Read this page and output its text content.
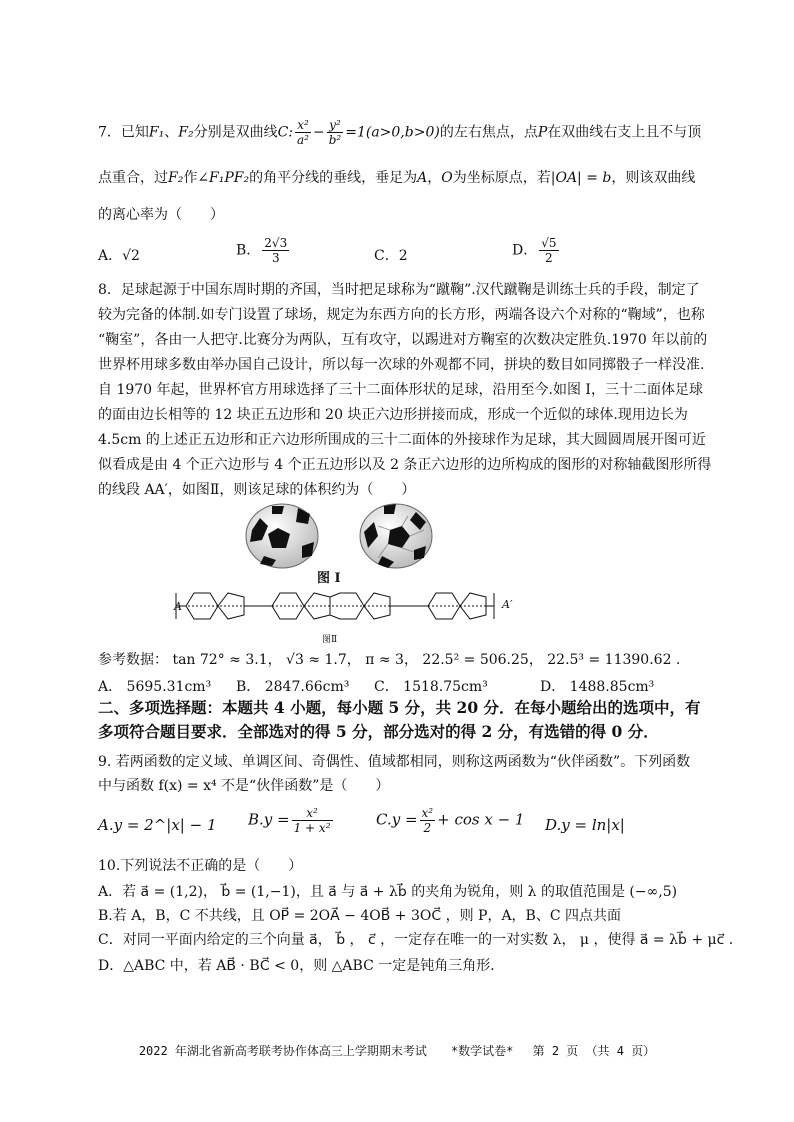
7．已知F₁、F₂分别是双曲线C: $\frac{\text{x²}}{\text{a²}} - \frac{\text{y²}}{\text{b²}} =1(a>0,b>0)$的左右焦点，点P在双曲线右支上且不与顶
点重合，过F₂作∠F₁PF₂的角平分线的垂线，垂足为A，O为坐标原点，若|OA| = b，则该双曲线
的离心率为（　　）
A．√2	B． $\frac{2√3}{3}$	C．2	D． $\frac{√5}{2}$
8．足球起源于中国东周时期的齐国，当时把足球称为“蹴鞠”.汉代蹴鞠是训练士兵的手段，制定了
较为完备的体制.如专门设置了球场，规定为东西方向的长方形，两端各设六个对称的“鞠域”，也称
“鞠室”，各由一人把守.比赛分为两队，互有攻守，以踢进对方鞠室的次数决定胜负.1970 年以前的
世界杯用球多数由举办国自己设计，所以每一次球的外观都不同，拼块的数目如同掷骰子一样没准.
自 1970 年起，世界杯官方用球选择了三十二面体形状的足球，沿用至今.如图 Ⅰ，三十二面体足球
的面由边长相等的 12 块正五边形和 20 块正六边形拼接而成，形成一个近似的球体.现用边长为
4.5cm 的上述正五边形和正六边形所围成的三十二面体的外接球作为足球，其大圆圆周展开图可近
似看成是由 4 个正六边形与 4 个正五边形以及 2 条正六边形的边所构成的图形的对称轴截图形所得
的线段 AA′，如图Ⅱ，则该足球的体积约为（　　）
图 I
A	A′
图Ⅱ
参考数据： tan 72° ≈ 3.1， √3 ≈ 1.7， π ≈ 3， 22.5² = 506.25， 22.5³ = 11390.62 .
A． 5695.31cm³ B． 2847.66cm³ C． 1518.75cm³	D． 1488.85cm³
二、多项选择题：本题共 4 小题，每小题 5 分，共 20 分．在每小题给出的选项中，有
多项符合题目要求．全部选对的得 5 分，部分选对的得 2 分，有选错的得 0 分．
9. 若两函数的定义域、单调区间、奇偶性、值域都相同，则称这两函数为“伙伴函数”。下列函数
中与函数 f(x) = x⁴ 不是“伙伴函数”是（　　）
A.y = 2^|x| − 1 $B.y = \frac{\text{x²}}{\text{1 + x²}}$	$C.y = \frac{\text{x²}}{2} + \cos x - 1$ D.y = ln|x|
10.下列说法不正确的是（　　）
A．若 a⃗ = (1,2)， b⃗ = (1,−1)，且 a⃗ 与 a⃗ + λb⃗ 的夹角为锐角，则 λ 的取值范围是 (−∞,5)
B.若 A，B，C 不共线，且 OP⃗ = 2OA⃗ − 4OB⃗ + 3OC⃗ ，则 P，A，B、C 四点共面
C．对同一平面内给定的三个向量 a⃗， b⃗ ， c⃗ ，一定存在唯一的一对实数 λ， μ ，使得 a⃗ = λb⃗ + μc⃗ .
D．△ABC 中，若 AB⃗ · BC⃗ < 0，则 △ABC 一定是钝角三角形.
2022 年湖北省新高考联考协作体高三上学期期末考试　　*数学试卷*　 第 2 页 （共 4 页）
